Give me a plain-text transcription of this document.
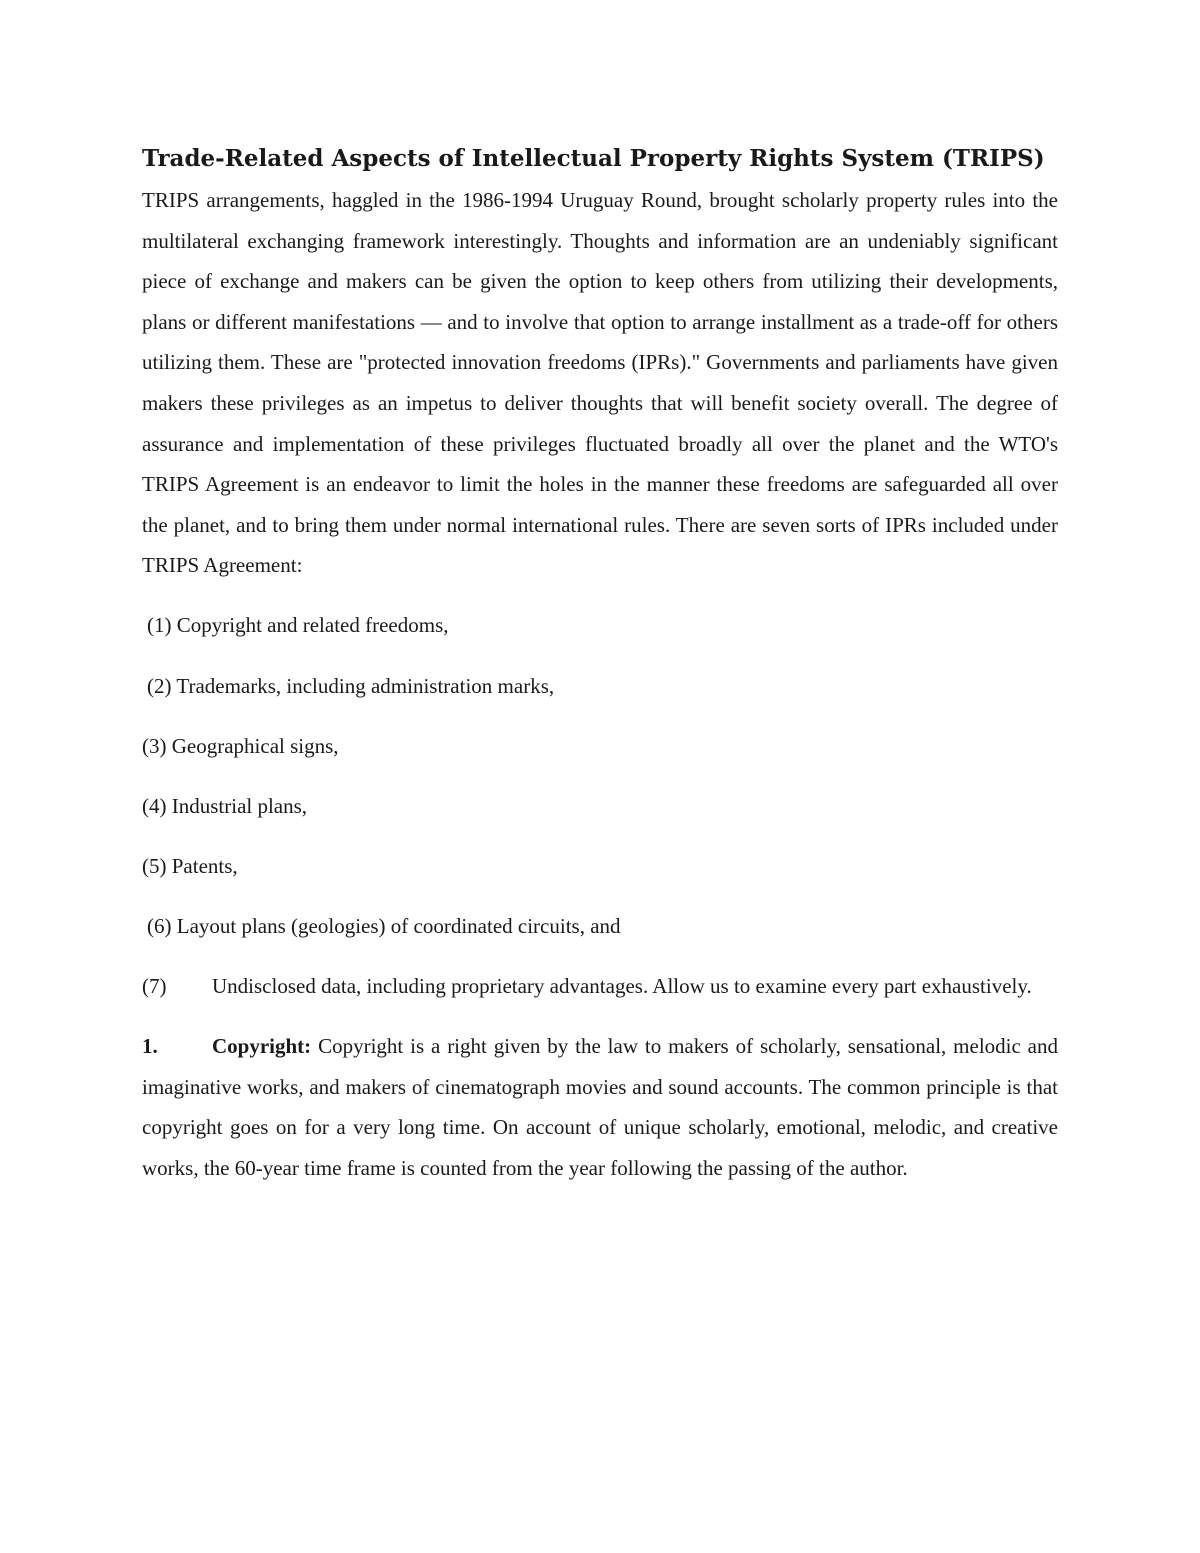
Trade-Related Aspects of Intellectual Property Rights System (TRIPS)

TRIPS arrangements, haggled in the 1986-1994 Uruguay Round, brought scholarly property rules into the multilateral exchanging framework interestingly. Thoughts and information are an undeniably significant piece of exchange and makers can be given the option to keep others from utilizing their developments, plans or different manifestations — and to involve that option to arrange installment as a trade-off for others utilizing them. These are "protected innovation freedoms (IPRs)." Governments and parliaments have given makers these privileges as an impetus to deliver thoughts that will benefit society overall. The degree of assurance and implementation of these privileges fluctuated broadly all over the planet and the WTO's TRIPS Agreement is an endeavor to limit the holes in the manner these freedoms are safeguarded all over the planet, and to bring them under normal international rules. There are seven sorts of IPRs included under TRIPS Agreement:

(1) Copyright and related freedoms,

(2) Trademarks, including administration marks,

(3) Geographical signs,

(4) Industrial plans,

(5) Patents,

(6) Layout plans (geologies) of coordinated circuits, and

(7) Undisclosed data, including proprietary advantages. Allow us to examine every part exhaustively.

1.	Copyright: Copyright is a right given by the law to makers of scholarly, sensational, melodic and imaginative works, and makers of cinematograph movies and sound accounts. The common principle is that copyright goes on for a very long time. On account of unique scholarly, emotional, melodic, and creative works, the 60-year time frame is counted from the year following the passing of the author.
